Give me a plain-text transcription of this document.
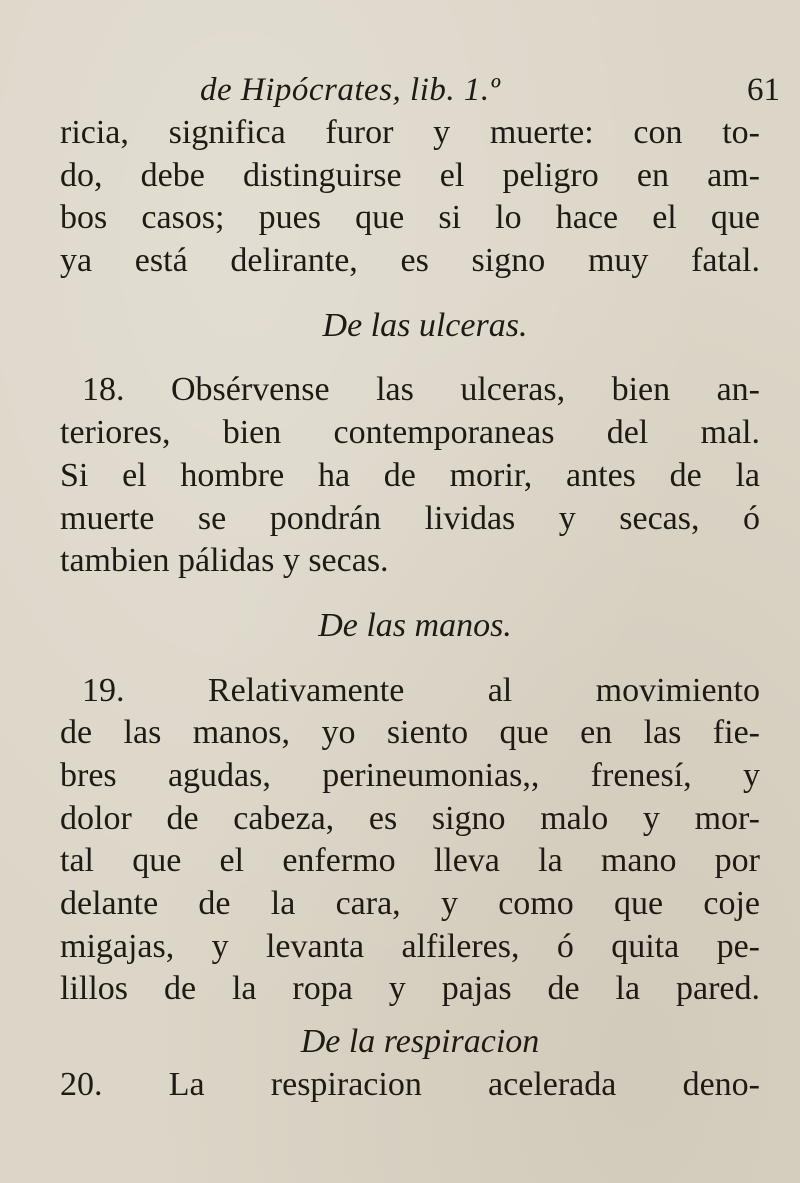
de Hipócrates, lib. 1.º	61
ricia, significa furor y muerte: con to-
do, debe distinguirse el peligro en am-
bos casos; pues que si lo hace el que
ya está delirante, es signo muy fatal.
De las ulceras.
18. Obsérvense las ulceras, bien an-
teriores, bien contemporaneas del mal.
Si el hombre ha de morir, antes de la
muerte se pondrán lividas y secas, ó
tambien pálidas y secas.
De las manos.
19. Relativamente al movimiento
de las manos, yo siento que en las fie-
bres agudas, perineumonias,, frenesí, y
dolor de cabeza, es signo malo y mor-
tal que el enfermo lleva la mano por
delante de la cara, y como que coje
migajas, y levanta alfileres, ó quita pe-
lillos de la ropa y pajas de la pared.
De la respiracion
20. La respiracion acelerada deno-
